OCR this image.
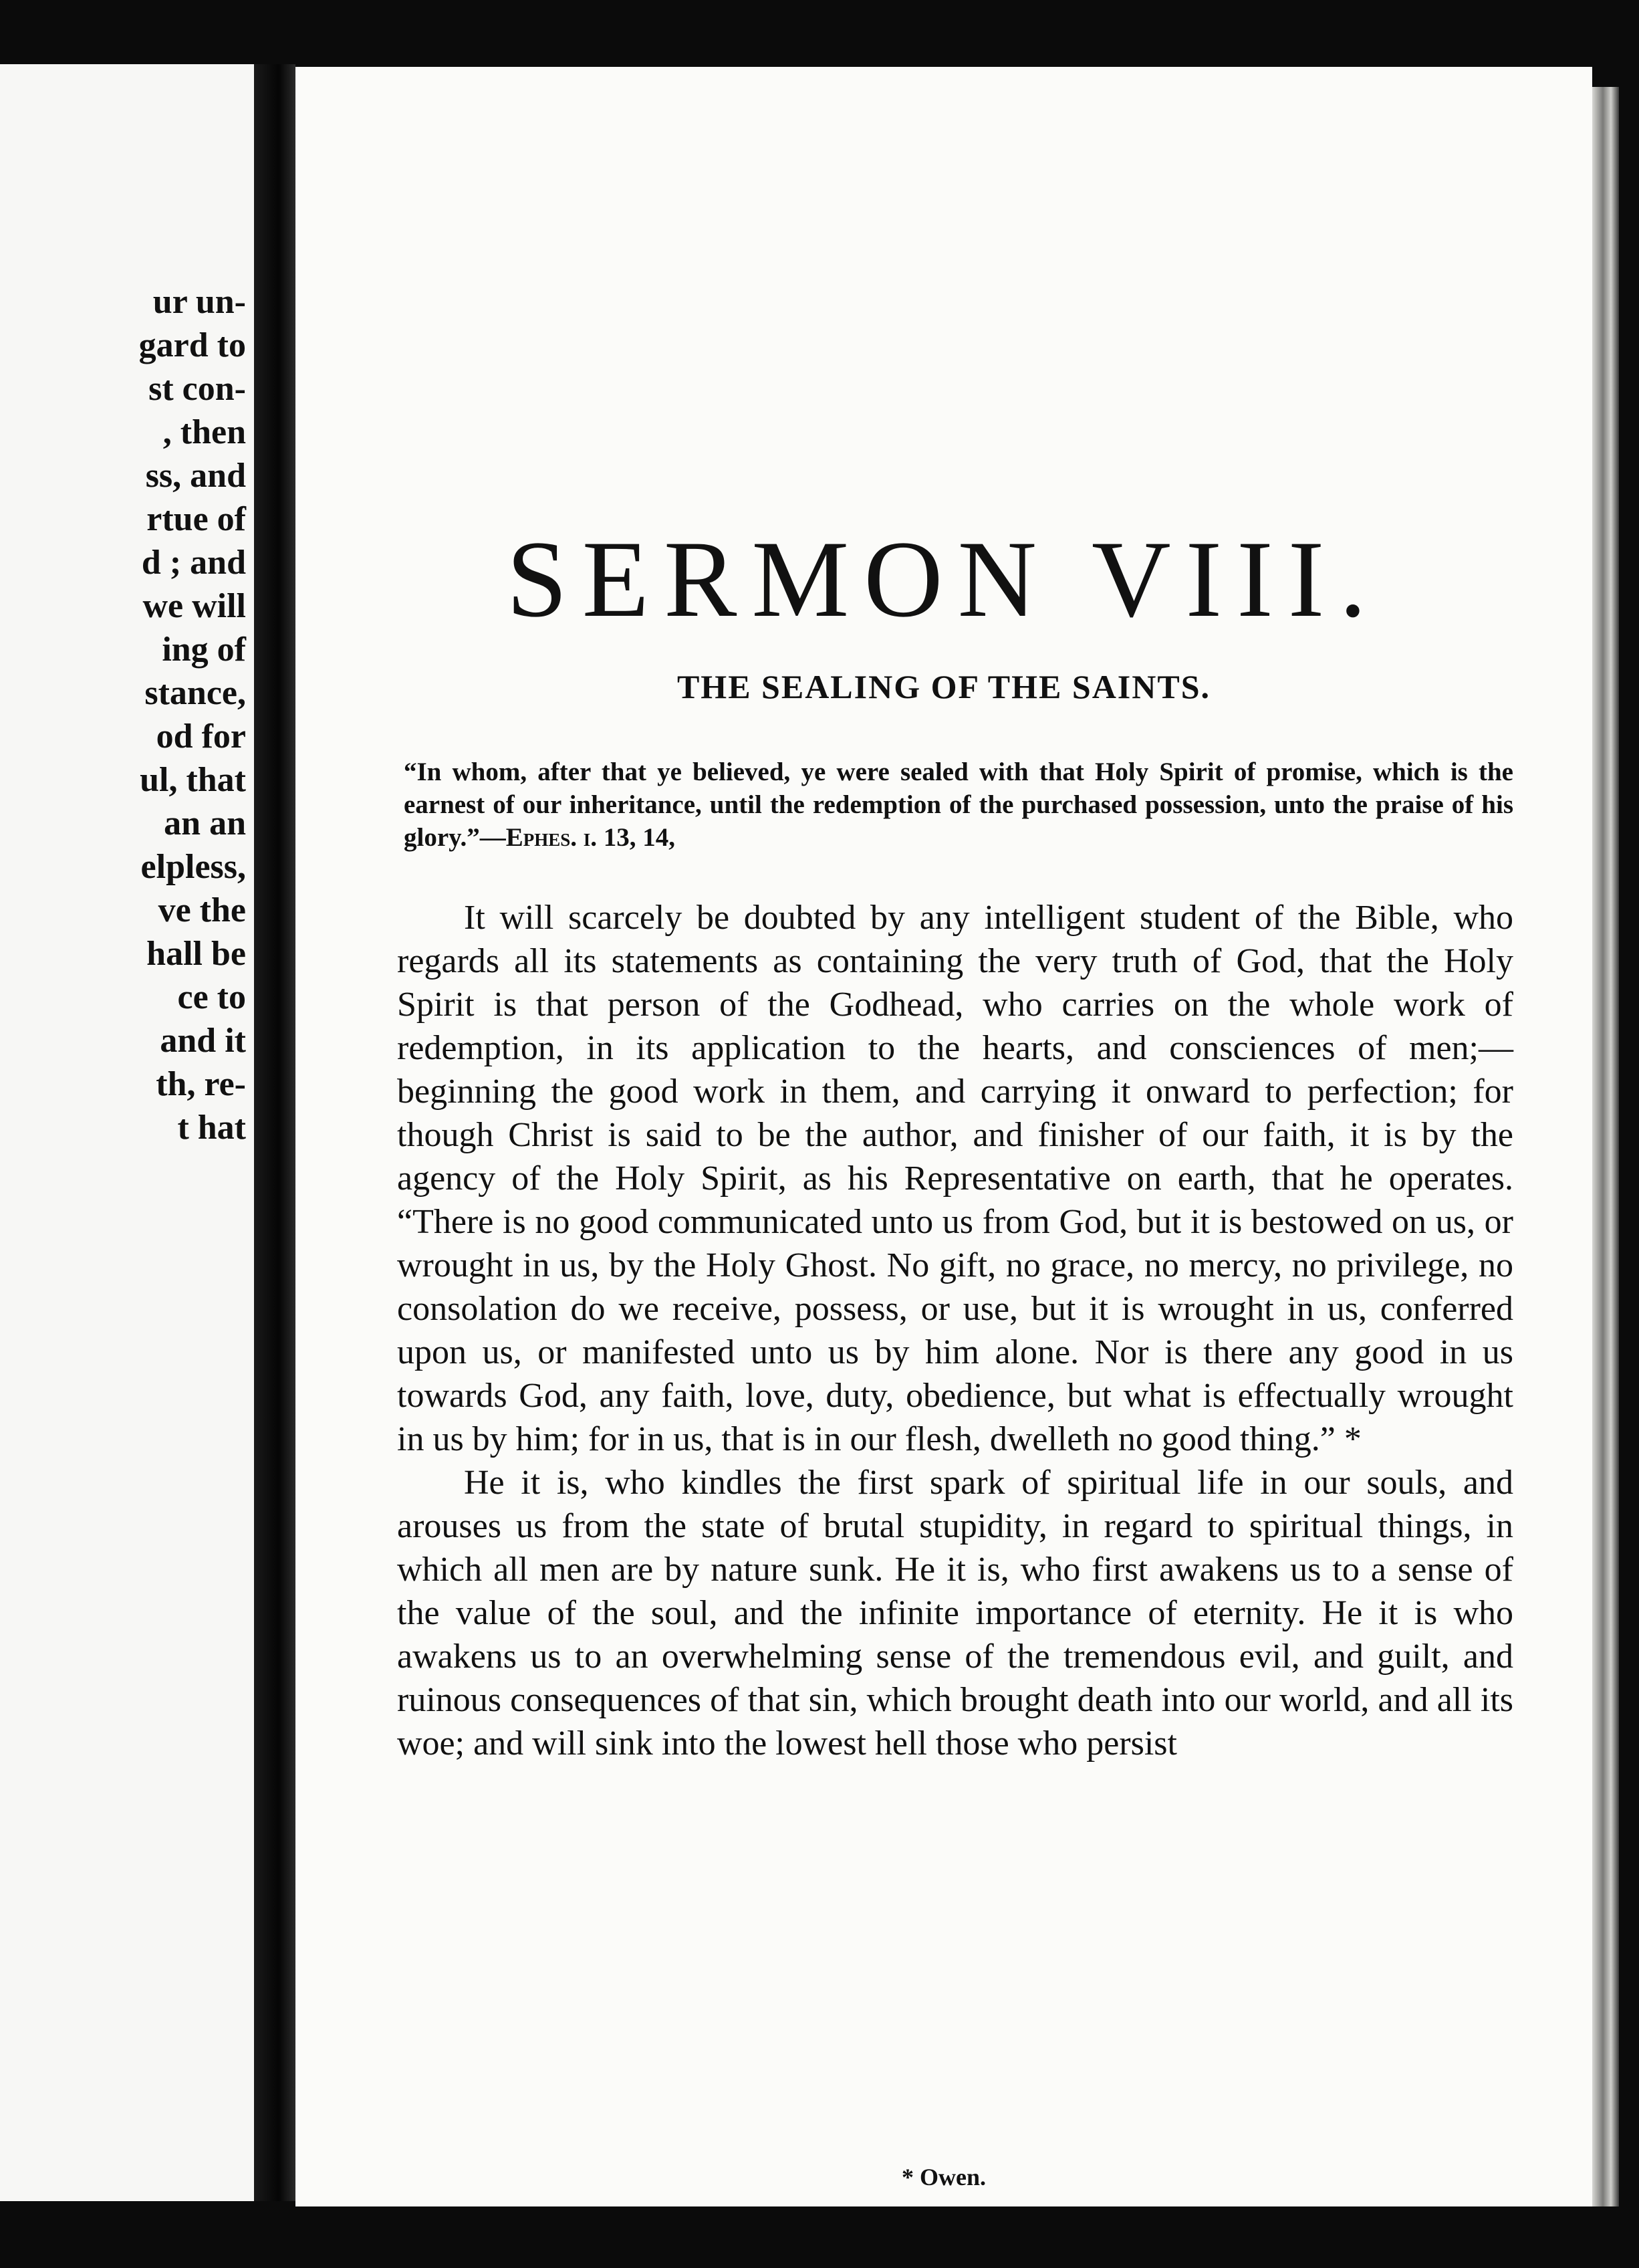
ur un-
gard to
st con-
, then
ss, and
rtue of
d ; and
we will
ing of
stance,
od for
ul, that
an an
elpless,
ve the
hall be
ce to
and it
th, re-
t hat
SERMON VIII.
THE SEALING OF THE SAINTS.
“In whom, after that ye believed, ye were sealed with that Holy Spirit of promise, which is the earnest of our inheritance, until the redemption of the purchased possession, unto the praise of his glory.”—Ephes. i. 13, 14,

It will scarcely be doubted by any intelligent student of the Bible, who regards all its statements as containing the very truth of God, that the Holy Spirit is that person of the Godhead, who carries on the whole work of redemption, in its application to the hearts, and consciences of men;—beginning the good work in them, and carrying it onward to perfection; for though Christ is said to be the author, and finisher of our faith, it is by the agency of the Holy Spirit, as his Representative on earth, that he operates. “There is no good communicated unto us from God, but it is bestowed on us, or wrought in us, by the Holy Ghost. No gift, no grace, no mercy, no privilege, no consolation do we receive, possess, or use, but it is wrought in us, conferred upon us, or manifested unto us by him alone. Nor is there any good in us towards God, any faith, love, duty, obedience, but what is effectually wrought in us by him; for in us, that is in our flesh, dwelleth no good thing.” *

He it is, who kindles the first spark of spiritual life in our souls, and arouses us from the state of brutal stupidity, in regard to spiritual things, in which all men are by nature sunk. He it is, who first awakens us to a sense of the value of the soul, and the infinite importance of eternity. He it is who awakens us to an overwhelming sense of the tremendous evil, and guilt, and ruinous consequences of that sin, which brought death into our world, and all its woe; and will sink into the lowest hell those who persist

* Owen.
